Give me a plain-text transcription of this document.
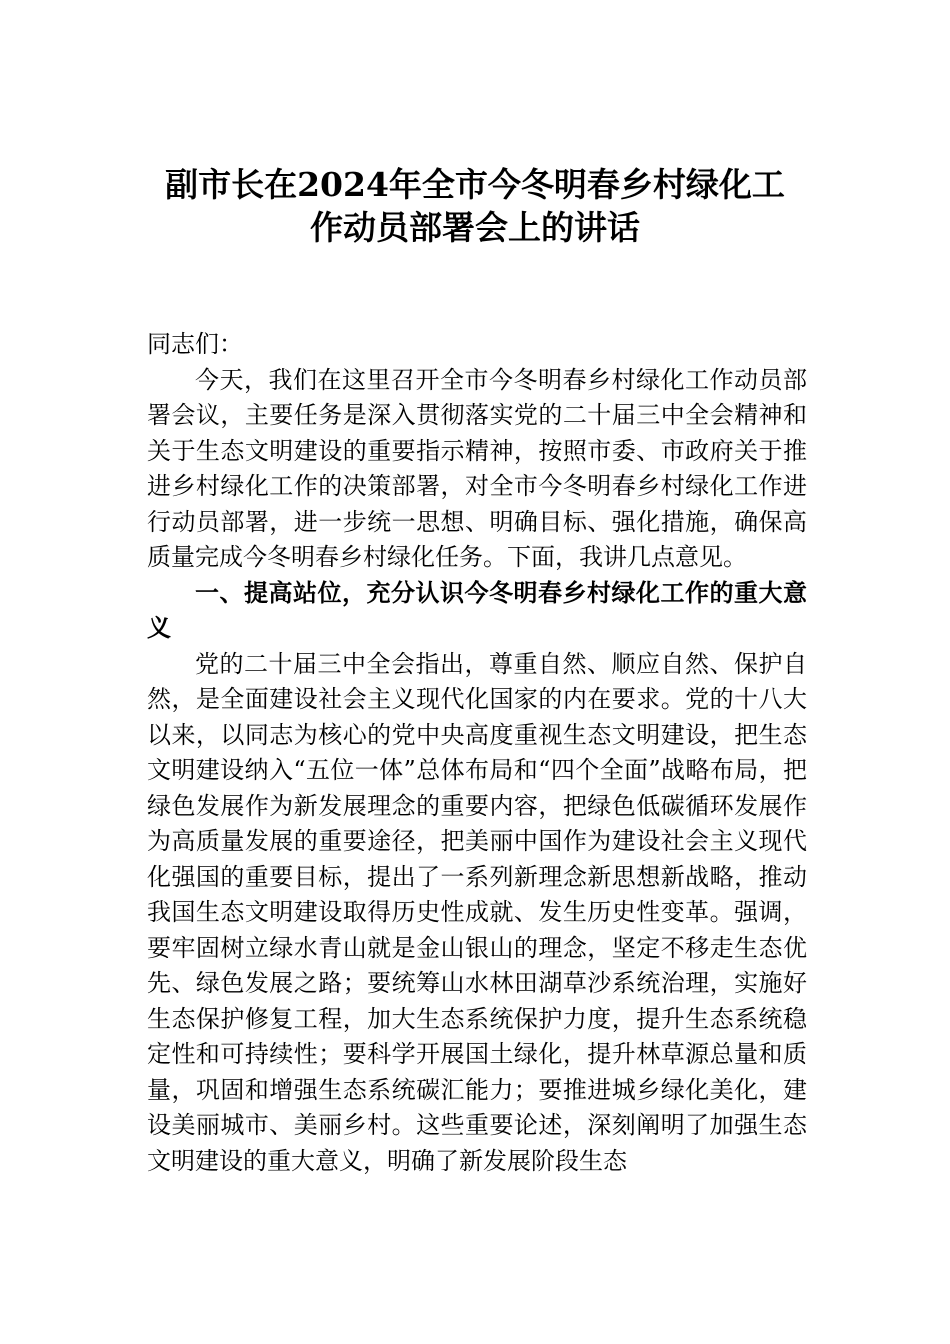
副市长在2024年全市今冬明春乡村绿化工
作动员部署会上的讲话

同志们：

今天，我们在这里召开全市今冬明春乡村绿化工作动员部署会议，主要任务是深入贯彻落实党的二十届三中全会精神和关于生态文明建设的重要指示精神，按照市委、市政府关于推进乡村绿化工作的决策部署，对全市今冬明春乡村绿化工作进行动员部署，进一步统一思想、明确目标、强化措施，确保高质量完成今冬明春乡村绿化任务。下面，我讲几点意见。

一、提高站位，充分认识今冬明春乡村绿化工作的重大意义

党的二十届三中全会指出，尊重自然、顺应自然、保护自然，是全面建设社会主义现代化国家的内在要求。党的十八大以来，以同志为核心的党中央高度重视生态文明建设，把生态文明建设纳入“五位一体”总体布局和“四个全面”战略布局，把绿色发展作为新发展理念的重要内容，把绿色低碳循环发展作为高质量发展的重要途径，把美丽中国作为建设社会主义现代化强国的重要目标，提出了一系列新理念新思想新战略，推动我国生态文明建设取得历史性成就、发生历史性变革。强调，要牢固树立绿水青山就是金山银山的理念，坚定不移走生态优先、绿色发展之路；要统筹山水林田湖草沙系统治理，实施好生态保护修复工程，加大生态系统保护力度，提升生态系统稳定性和可持续性；要科学开展国土绿化，提升林草源总量和质量，巩固和增强生态系统碳汇能力；要推进城乡绿化美化，建设美丽城市、美丽乡村。这些重要论述，深刻阐明了加强生态文明建设的重大意义，明确了新发展阶段生态
